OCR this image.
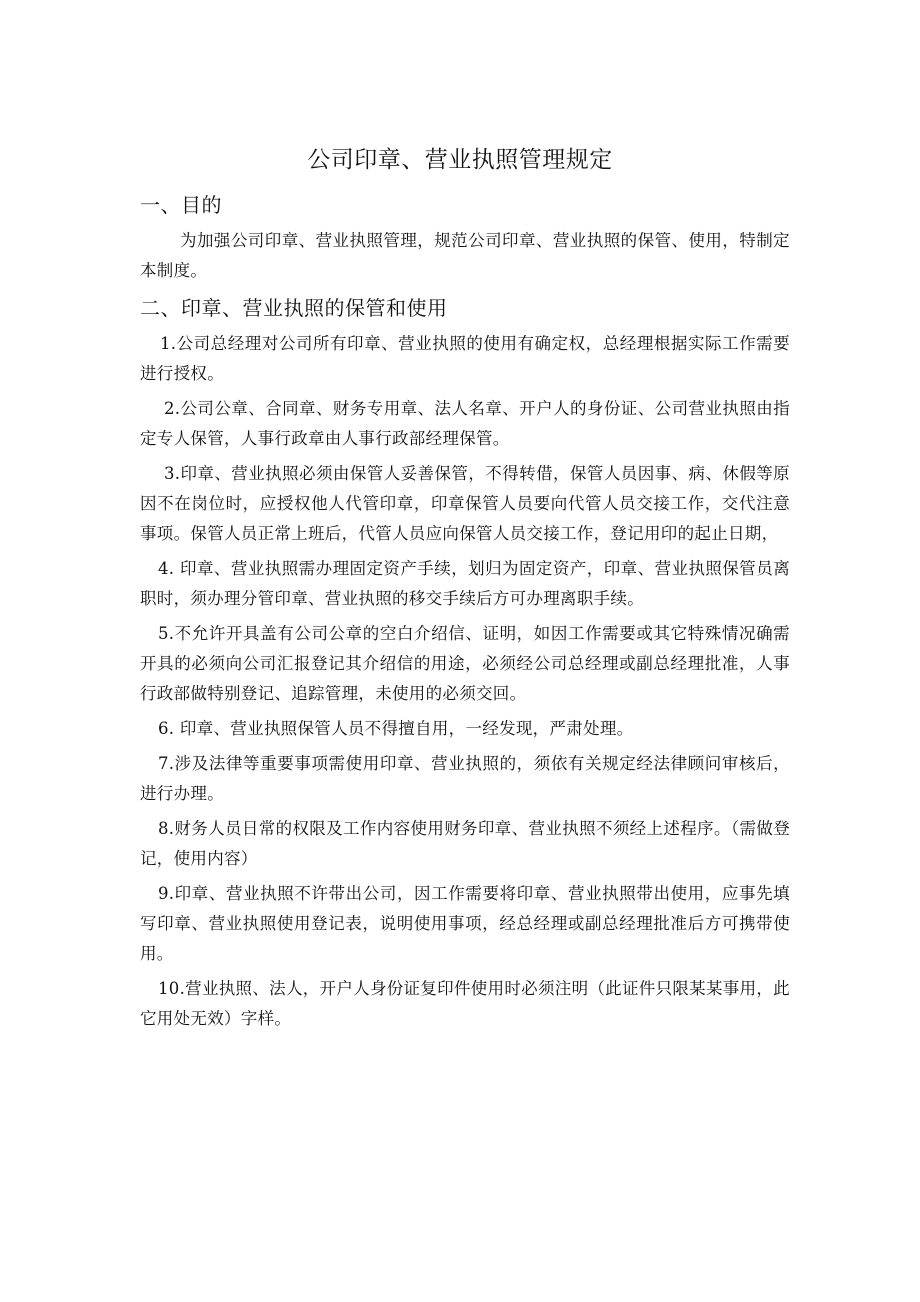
公司印章、营业执照管理规定
一、目的

为加强公司印章、营业执照管理，规范公司印章、营业执照的保管、使用，特制定本制度。

二、印章、营业执照的保管和使用

1.公司总经理对公司所有印章、营业执照的使用有确定权，总经理根据实际工作需要进行授权。

2.公司公章、合同章、财务专用章、法人名章、开户人的身份证、公司营业执照由指定专人保管，人事行政章由人事行政部经理保管。

3.印章、营业执照必须由保管人妥善保管，不得转借，保管人员因事、病、休假等原因不在岗位时，应授权他人代管印章，印章保管人员要向代管人员交接工作，交代注意事项。保管人员正常上班后，代管人员应向保管人员交接工作，登记用印的起止日期，

4. 印章、营业执照需办理固定资产手续，划归为固定资产，印章、营业执照保管员离职时，须办理分管印章、营业执照的移交手续后方可办理离职手续。

5.不允许开具盖有公司公章的空白介绍信、证明，如因工作需要或其它特殊情况确需开具的必须向公司汇报登记其介绍信的用途，必须经公司总经理或副总经理批准，人事行政部做特别登记、追踪管理，未使用的必须交回。

6. 印章、营业执照保管人员不得擅自用，一经发现，严肃处理。

7.涉及法律等重要事项需使用印章、营业执照的，须依有关规定经法律顾问审核后，进行办理。

8.财务人员日常的权限及工作内容使用财务印章、营业执照不须经上述程序。（需做登记，使用内容）

9.印章、营业执照不许带出公司，因工作需要将印章、营业执照带出使用，应事先填写印章、营业执照使用登记表，说明使用事项，经总经理或副总经理批准后方可携带使用。

10.营业执照、法人，开户人身份证复印件使用时必须注明（此证件只限某某事用，此它用处无效）字样。
